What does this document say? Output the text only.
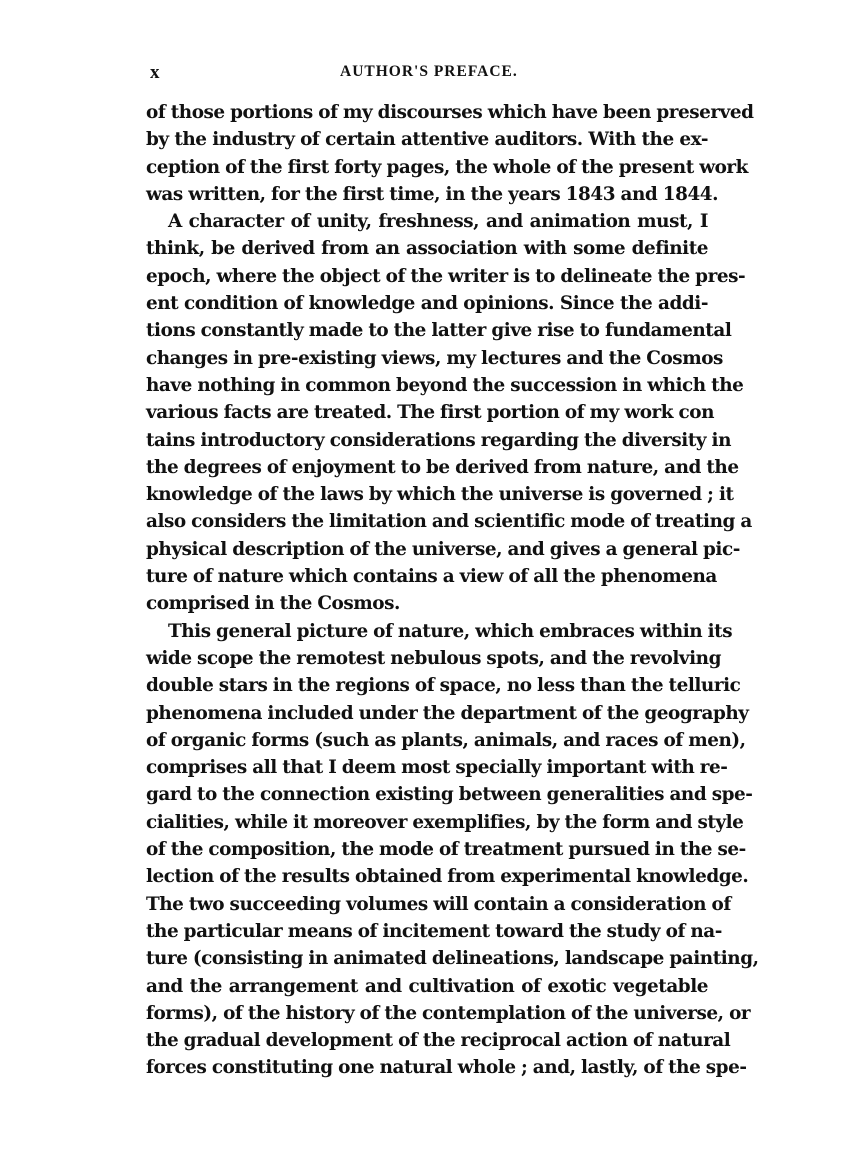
x	AUTHOR'S PREFACE.
of those portions of my discourses which have been preserved
by the industry of certain attentive auditors. With the ex-
ception of the first forty pages, the whole of the present work
was written, for the first time, in the years 1843 and 1844.
A character of unity, freshness, and animation must, I
think, be derived from an association with some definite
epoch, where the object of the writer is to delineate the pres-
ent condition of knowledge and opinions. Since the addi-
tions constantly made to the latter give rise to fundamental
changes in pre-existing views, my lectures and the Cosmos
have nothing in common beyond the succession in which the
various facts are treated. The first portion of my work con
tains introductory considerations regarding the diversity in
the degrees of enjoyment to be derived from nature, and the
knowledge of the laws by which the universe is governed ; it
also considers the limitation and scientific mode of treating a
physical description of the universe, and gives a general pic-
ture of nature which contains a view of all the phenomena
comprised in the Cosmos.
This general picture of nature, which embraces within its
wide scope the remotest nebulous spots, and the revolving
double stars in the regions of space, no less than the telluric
phenomena included under the department of the geography
of organic forms (such as plants, animals, and races of men),
comprises all that I deem most specially important with re-
gard to the connection existing between generalities and spe-
cialities, while it moreover exemplifies, by the form and style
of the composition, the mode of treatment pursued in the se-
lection of the results obtained from experimental knowledge.
The two succeeding volumes will contain a consideration of
the particular means of incitement toward the study of na-
ture (consisting in animated delineations, landscape painting,
and the arrangement and cultivation of exotic vegetable
forms), of the history of the contemplation of the universe, or
the gradual development of the reciprocal action of natural
forces constituting one natural whole ; and, lastly, of the spe-
